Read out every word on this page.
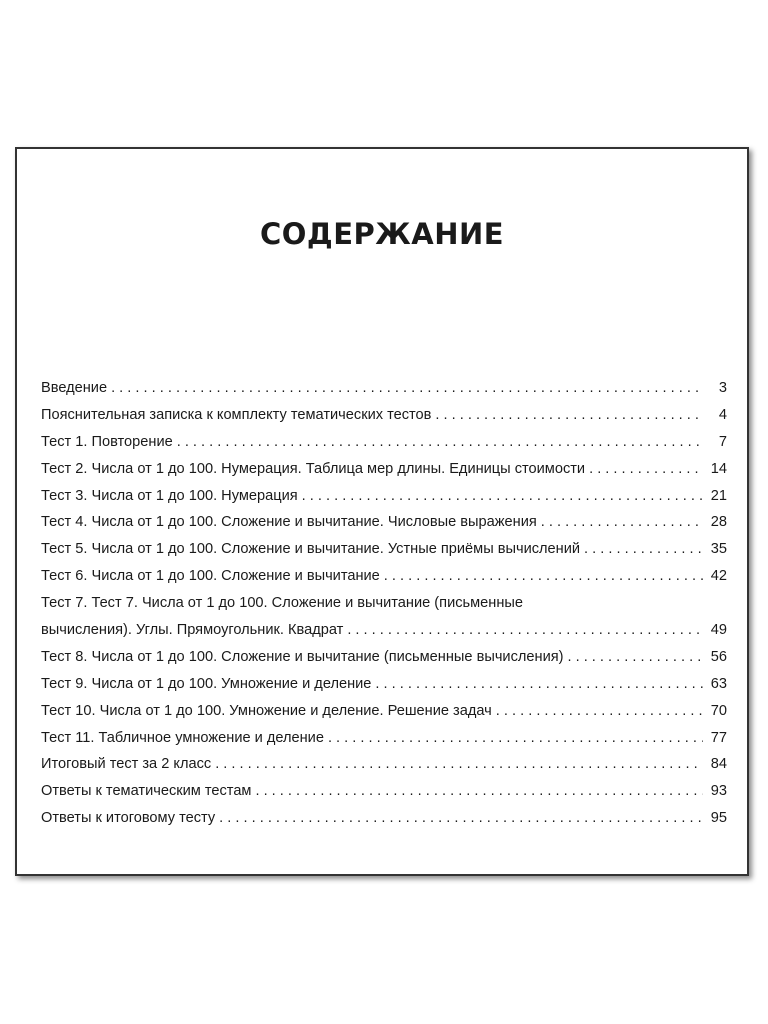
СОДЕРЖАНИЕ
Введение . . .	3
Пояснительная записка к комплекту тематических тестов . . .	4
Тест 1. Повторение . . .	7
Тест 2. Числа от 1 до 100. Нумерация. Таблица мер длины. Единицы стоимости . . .	14
Тест 3. Числа от 1 до 100. Нумерация . . .	21
Тест 4. Числа от 1 до 100. Сложение и вычитание. Числовые выражения . . .	28
Тест 5. Числа от 1 до 100. Сложение и вычитание. Устные приёмы вычислений . . .	35
Тест 6. Числа от 1 до 100. Сложение и вычитание . . .	42
Тест 7. Тест 7. Числа от 1 до 100. Сложение и вычитание (письменные
вычисления). Углы. Прямоугольник. Квадрат . . .	49
Тест 8. Числа от 1 до 100. Сложение и вычитание (письменные вычисления) . . .	56
Тест 9. Числа от 1 до 100. Умножение и деление . . .	63
Тест 10. Числа от 1 до 100. Умножение и деление. Решение задач . . .	70
Тест 11. Табличное умножение и деление . . .	77
Итоговый тест за 2 класс . . .	84
Ответы к тематическим тестам . . .	93
Ответы к итоговому тесту . . .	95
